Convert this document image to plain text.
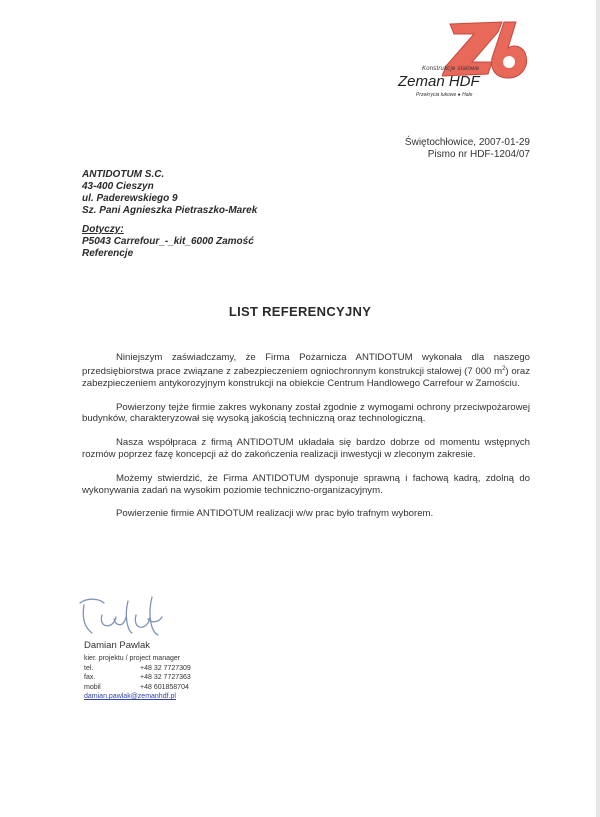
Konstrukcje stalowe
Zeman HDF
Przekrycia łukowe ● Hale
Świętochłowice, 2007-01-29
Pismo nr HDF-1204/07
ANTIDOTUM S.C.
43-400 Cieszyn
ul. Paderewskiego 9
Sz. Pani Agnieszka Pietraszko-Marek
Dotyczy:
P5043 Carrefour_-_kit_6000 Zamość
Referencje
LIST REFERENCYJNY

Niniejszym zaświadczamy, że Firma Pożarnicza ANTIDOTUM wykonała dla naszego przedsiębiorstwa prace związane z zabezpieczeniem ogniochronnym konstrukcji stalowej (7 000 $m^2$) oraz zabezpieczeniem antykorozyjnym konstrukcji na obiekcie Centrum Handlowego Carrefour w Zamościu.

Powierzony tejże firmie zakres wykonany został zgodnie z wymogami ochrony przeciwpożarowej budynków, charakteryzował się wysoką jakością techniczną oraz technologiczną.

Nasza współpraca z firmą ANTIDOTUM układała się bardzo dobrze od momentu wstępnych rozmów poprzez fazę koncepcji aż do zakończenia realizacji inwestycji w zleconym zakresie.

Możemy stwierdzić, że Firma ANTIDOTUM dysponuje sprawną i fachową kadrą, zdolną do wykonywania zadań na wysokim poziomie techniczno-organizacyjnym.

Powierzenie firmie ANTIDOTUM realizacji w/w prac było trafnym wyborem.

Damian Pawlak
kier. projektu / project manager
tel.	+48 32 7727309
fax.	+48 32 7727363
mobil	+48 601858704
damian.pawlak@zemanhdf.pl
